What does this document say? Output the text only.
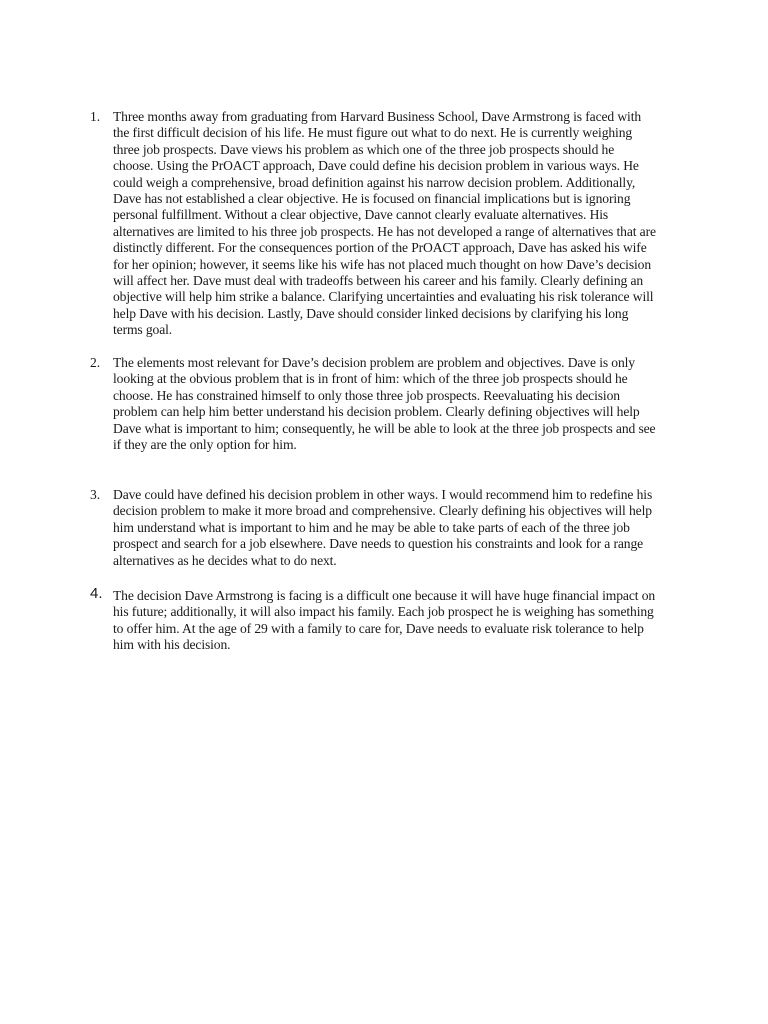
1. Three months away from graduating from Harvard Business School, Dave Armstrong is faced with
the first difficult decision of his life. He must figure out what to do next. He is currently weighing
three job prospects. Dave views his problem as which one of the three job prospects should he
choose. Using the PrOACT approach, Dave could define his decision problem in various ways. He
could weigh a comprehensive, broad definition against his narrow decision problem. Additionally,
Dave has not established a clear objective. He is focused on financial implications but is ignoring
personal fulfillment. Without a clear objective, Dave cannot clearly evaluate alternatives. His
alternatives are limited to his three job prospects. He has not developed a range of alternatives that are
distinctly different. For the consequences portion of the PrOACT approach, Dave has asked his wife
for her opinion; however, it seems like his wife has not placed much thought on how Dave’s decision
will affect her. Dave must deal with tradeoffs between his career and his family. Clearly defining an
objective will help him strike a balance. Clarifying uncertainties and evaluating his risk tolerance will
help Dave with his decision. Lastly, Dave should consider linked decisions by clarifying his long
terms goal.
2. The elements most relevant for Dave’s decision problem are problem and objectives. Dave is only
looking at the obvious problem that is in front of him: which of the three job prospects should he
choose. He has constrained himself to only those three job prospects. Reevaluating his decision
problem can help him better understand his decision problem. Clearly defining objectives will help
Dave what is important to him; consequently, he will be able to look at the three job prospects and see
if they are the only option for him.
3. Dave could have defined his decision problem in other ways. I would recommend him to redefine his
decision problem to make it more broad and comprehensive. Clearly defining his objectives will help
him understand what is important to him and he may be able to take parts of each of the three job
prospect and search for a job elsewhere. Dave needs to question his constraints and look for a range
alternatives as he decides what to do next.
4. The decision Dave Armstrong is facing is a difficult one because it will have huge financial impact on
his future; additionally, it will also impact his family. Each job prospect he is weighing has something
to offer him. At the age of 29 with a family to care for, Dave needs to evaluate risk tolerance to help
him with his decision.
